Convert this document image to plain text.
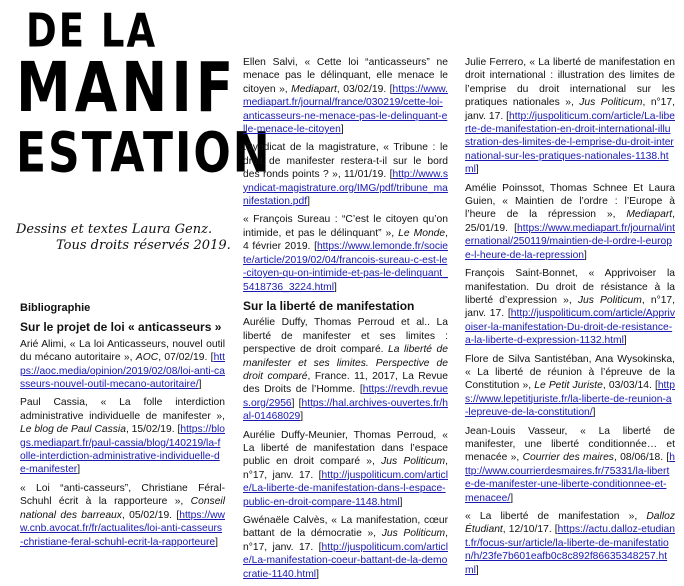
DE LA
MANIF
ESTATION
Dessins et textes Laura Genz.
Tous droits réservés 2019.
Bibliographie
Sur le projet de loi « anticasseurs »
Arié Alimi, « La loi Anticasseurs, nouvel outil du mécano autoritaire », AOC, 07/02/19. [https://aoc.media/opinion/2019/02/08/loi-anti-casseurs-nouvel-outil-mecano-autoritaire/]
Paul Cassia, « La folle interdiction administrative individuelle de manifester », Le blog de Paul Cassia, 15/02/19. [https://blogs.mediapart.fr/paul-cassia/blog/140219/la-folle-interdiction-administrative-individuelle-de-manifester]
« Loi “anti-casseurs”, Christiane Féral-Schuhl écrit à la rapporteure », Conseil national des barreaux, 05/02/19. [https://www.cnb.avocat.fr/fr/actualites/loi-anti-casseurs-christiane-feral-schuhl-ecrit-la-rapporteure]
Ellen Salvi, « Cette loi “anticasseurs” ne menace pas le délinquant, elle menace le citoyen », Mediapart, 03/02/19. [https://www.mediapart.fr/journal/france/030219/cette-loi-anticasseurs-ne-menace-pas-le-delinquant-elle-menace-le-citoyen]
tSyndicat de la magistrature, « Tribune : le droit de manifester restera-t-il sur le bord des ronds points ? », 11/01/19. [http://www.syndicat-magistrature.org/IMG/pdf/tribune_manifestation.pdf]
« François Sureau : “C’est le citoyen qu’on intimide, et pas le délinquant” », Le Monde, 4 février 2019. [https://www.lemonde.fr/societe/article/2019/02/04/francois-sureau-c-est-le-citoyen-qu-on-intimide-et-pas-le-delinquant_5418736_3224.html]
Sur la liberté de manifestation
Aurélie Duffy, Thomas Perroud et al.. La liberté de manifester et ses limites : perspective de droit comparé. La liberté de manifester et ses limites. Perspective de droit comparé, France. 11, 2017, La Revue des Droits de l’Homme. [https://revdh.revues.org/2956] [https://hal.archives-ouvertes.fr/hal-01468029]
Aurélie Duffy-Meunier, Thomas Perroud, « La liberté de manifestation dans l’espace public en droit comparé », Jus Politicum, n°17, janv. 17. [http://juspoliticum.com/article/La-liberte-de-manifestation-dans-l-espace-public-en-droit-compare-1148.html]
Gwénaële Calvès, « La manifestation, cœur battant de la démocratie », Jus Politicum, n°17, janv. 17. [http://juspoliticum.com/article/La-manifestation-coeur-battant-de-la-democratie-1140.html]
Julie Ferrero, « La liberté de manifestation en droit international : illustration des limites de l’emprise du droit international sur les pratiques nationales », Jus Politicum, n°17, janv. 17. [http://juspoliticum.com/article/La-liberte-de-manifestation-en-droit-international-illustration-des-limites-de-l-emprise-du-droit-international-sur-les-pratiques-nationales-1138.html]
Amélie Poinssot, Thomas Schnee Et Laura Guien, « Maintien de l’ordre : l’Europe à l’heure de la répression », Mediapart, 25/01/19. [https://www.mediapart.fr/journal/international/250119/maintien-de-l-ordre-l-europe-l-heure-de-la-repression]
François Saint-Bonnet, « Apprivoiser la manifestation. Du droit de résistance à la liberté d’expression », Jus Politicum, n°17, janv. 17. [http://juspoliticum.com/article/Apprivoiser-la-manifestation-Du-droit-de-resistance-a-la-liberte-d-expression-1132.html]
Flore de Silva Santistéban, Ana Wysokinska, « La liberté de réunion à l’épreuve de la Constitution », Le Petit Juriste, 03/03/14. [https://www.lepetitjuriste.fr/la-liberte-de-reunion-a-lepreuve-de-la-constitution/]
Jean-Louis Vasseur, « La liberté de manifester, une liberté conditionnée… et menacée », Courrier des maires, 08/06/18. [http://www.courrierdesmaires.fr/75331/la-liberte-de-manifester-une-liberte-conditionnee-et-menacee/]
« La liberté de manifestation », Dalloz Étudiant, 12/10/17. [https://actu.dalloz-etudiant.fr/focus-sur/article/la-liberte-de-manifestation/h/23fe7b601eafb0c8c892f86635348257.html]
